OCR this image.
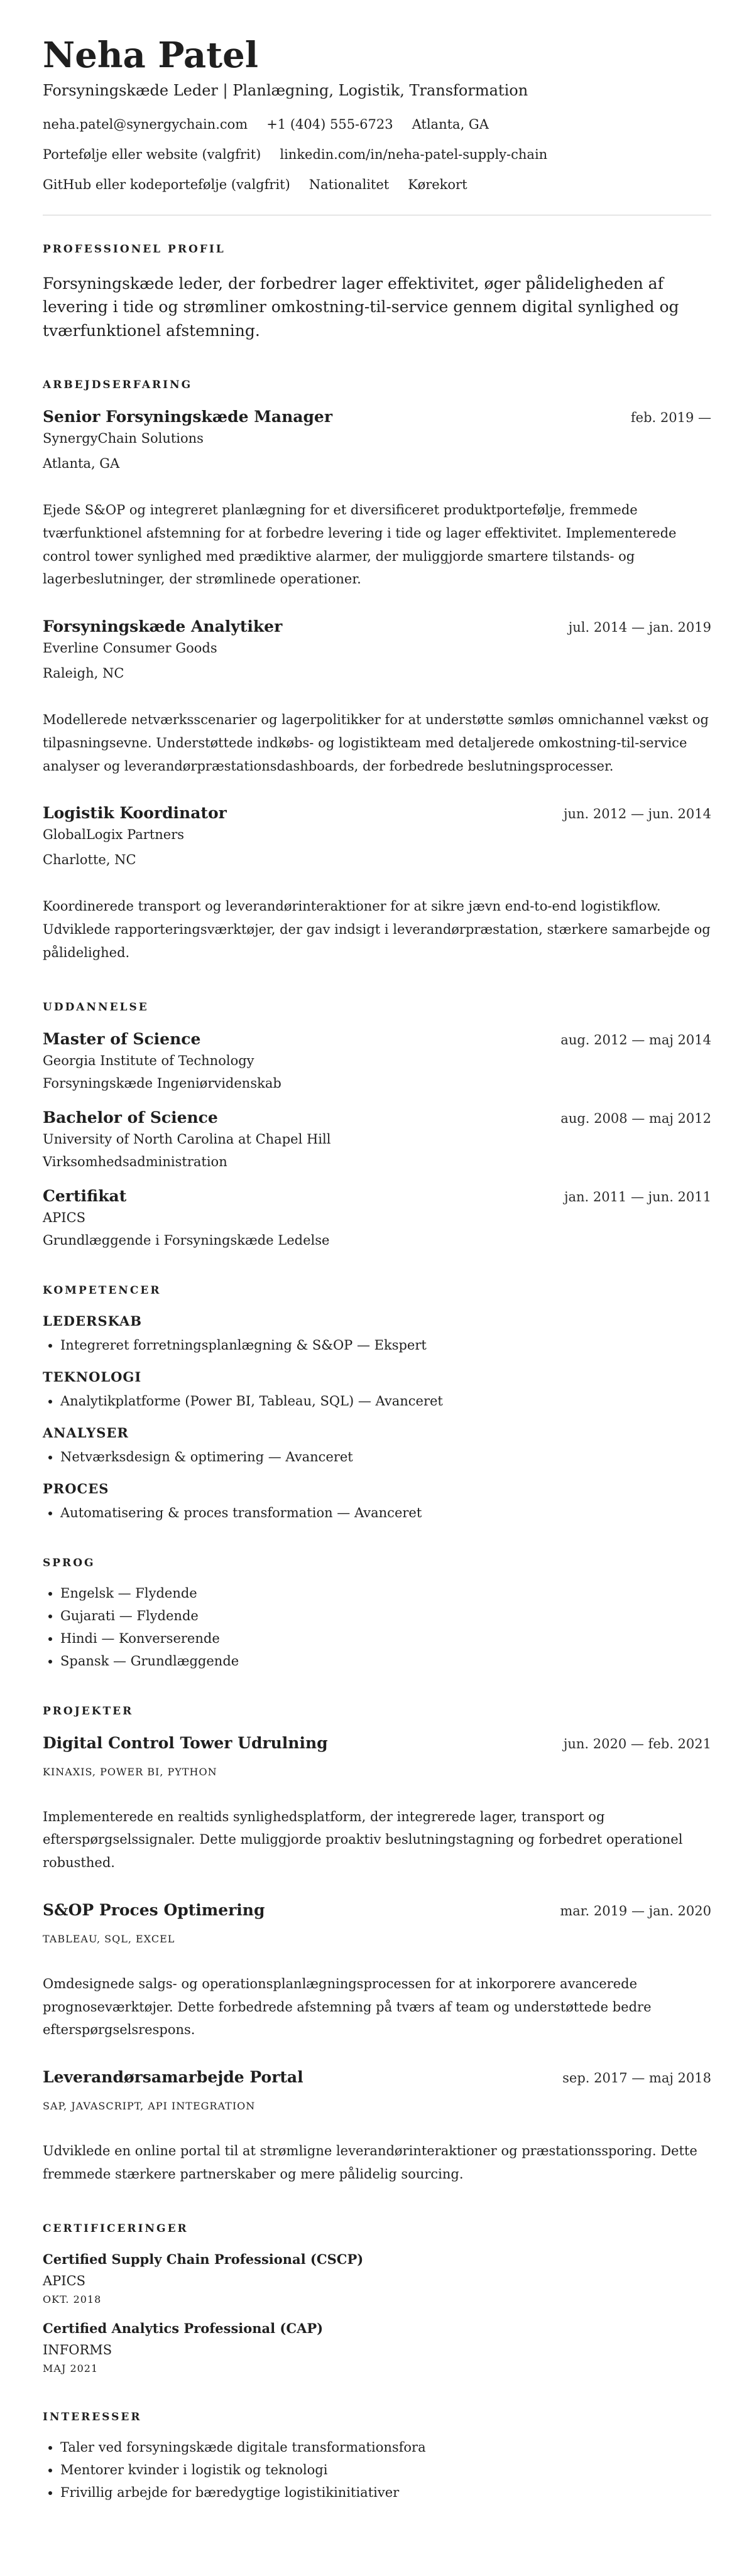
Neha Patel
Forsyningskæde Leder | Planlægning, Logistik, Transformation
neha.patel@synergychain.com +1 (404) 555-6723 Atlanta, GA
Portefølje eller website (valgfrit) linkedin.com/in/neha-patel-supply-chain
GitHub eller kodeportefølje (valgfrit) Nationalitet Kørekort
PROFESSIONEL PROFIL

Forsyningskæde leder, der forbedrer lager effektivitet, øger pålideligheden af levering i tide og strømliner omkostning-til-service gennem digital synlighed og tværfunktionel afstemning.

ARBEJDSERFARING
Senior Forsyningskæde Manager	feb. 2019 —
SynergyChain Solutions
Atlanta, GA
Ejede S&OP og integreret planlægning for et diversificeret produktportefølje, fremmede tværfunktionel afstemning for at forbedre levering i tide og lager effektivitet. Implementerede control tower synlighed med prædiktive alarmer, der muliggjorde smartere tilstands- og lagerbeslutninger, der strømlinede operationer.
Forsyningskæde Analytiker	jul. 2014 — jan. 2019
Everline Consumer Goods
Raleigh, NC
Modellerede netværksscenarier og lagerpolitikker for at understøtte sømløs omnichannel vækst og tilpasningsevne. Understøttede indkøbs- og logistikteam med detaljerede omkostning-til-service analyser og leverandørpræstationsdashboards, der forbedrede beslutningsprocesser.
Logistik Koordinator	jun. 2012 — jun. 2014
GlobalLogix Partners
Charlotte, NC
Koordinerede transport og leverandørinteraktioner for at sikre jævn end-to-end logistikflow. Udviklede rapporteringsværktøjer, der gav indsigt i leverandørpræstation, stærkere samarbejde og pålidelighed.
UDDANNELSE
Master of Science	aug. 2012 — maj 2014
Georgia Institute of Technology
Forsyningskæde Ingeniørvidenskab
Bachelor of Science	aug. 2008 — maj 2012
University of North Carolina at Chapel Hill
Virksomhedsadministration
Certifikat	jan. 2011 — jun. 2011
APICS
Grundlæggende i Forsyningskæde Ledelse
KOMPETENCER
LEDERSKAB
• Integreret forretningsplanlægning & S&OP — Ekspert
TEKNOLOGI
• Analytikplatforme (Power BI, Tableau, SQL) — Avanceret
ANALYSER
• Netværksdesign & optimering — Avanceret
PROCES
• Automatisering & proces transformation — Avanceret
SPROG
• Engelsk — Flydende
• Gujarati — Flydende
• Hindi — Konverserende
• Spansk — Grundlæggende
PROJEKTER
Digital Control Tower Udrulning	jun. 2020 — feb. 2021
KINAXIS, POWER BI, PYTHON
Implementerede en realtids synlighedsplatform, der integrerede lager, transport og efterspørgselssignaler. Dette muliggjorde proaktiv beslutningstagning og forbedret operationel robusthed.
S&OP Proces Optimering	mar. 2019 — jan. 2020
TABLEAU, SQL, EXCEL
Omdesignede salgs- og operationsplanlægningsprocessen for at inkorporere avancerede prognoseværktøjer. Dette forbedrede afstemning på tværs af team og understøttede bedre efterspørgselsrespons.
Leverandørsamarbejde Portal	sep. 2017 — maj 2018
SAP, JAVASCRIPT, API INTEGRATION
Udviklede en online portal til at strømligne leverandørinteraktioner og præstationssporing. Dette fremmede stærkere partnerskaber og mere pålidelig sourcing.
CERTIFICERINGER
Certified Supply Chain Professional (CSCP)
APICS
OKT. 2018
Certified Analytics Professional (CAP)
INFORMS
MAJ 2021
INTERESSER
• Taler ved forsyningskæde digitale transformationsfora
• Mentorer kvinder i logistik og teknologi
• Frivillig arbejde for bæredygtige logistikinitiativer
